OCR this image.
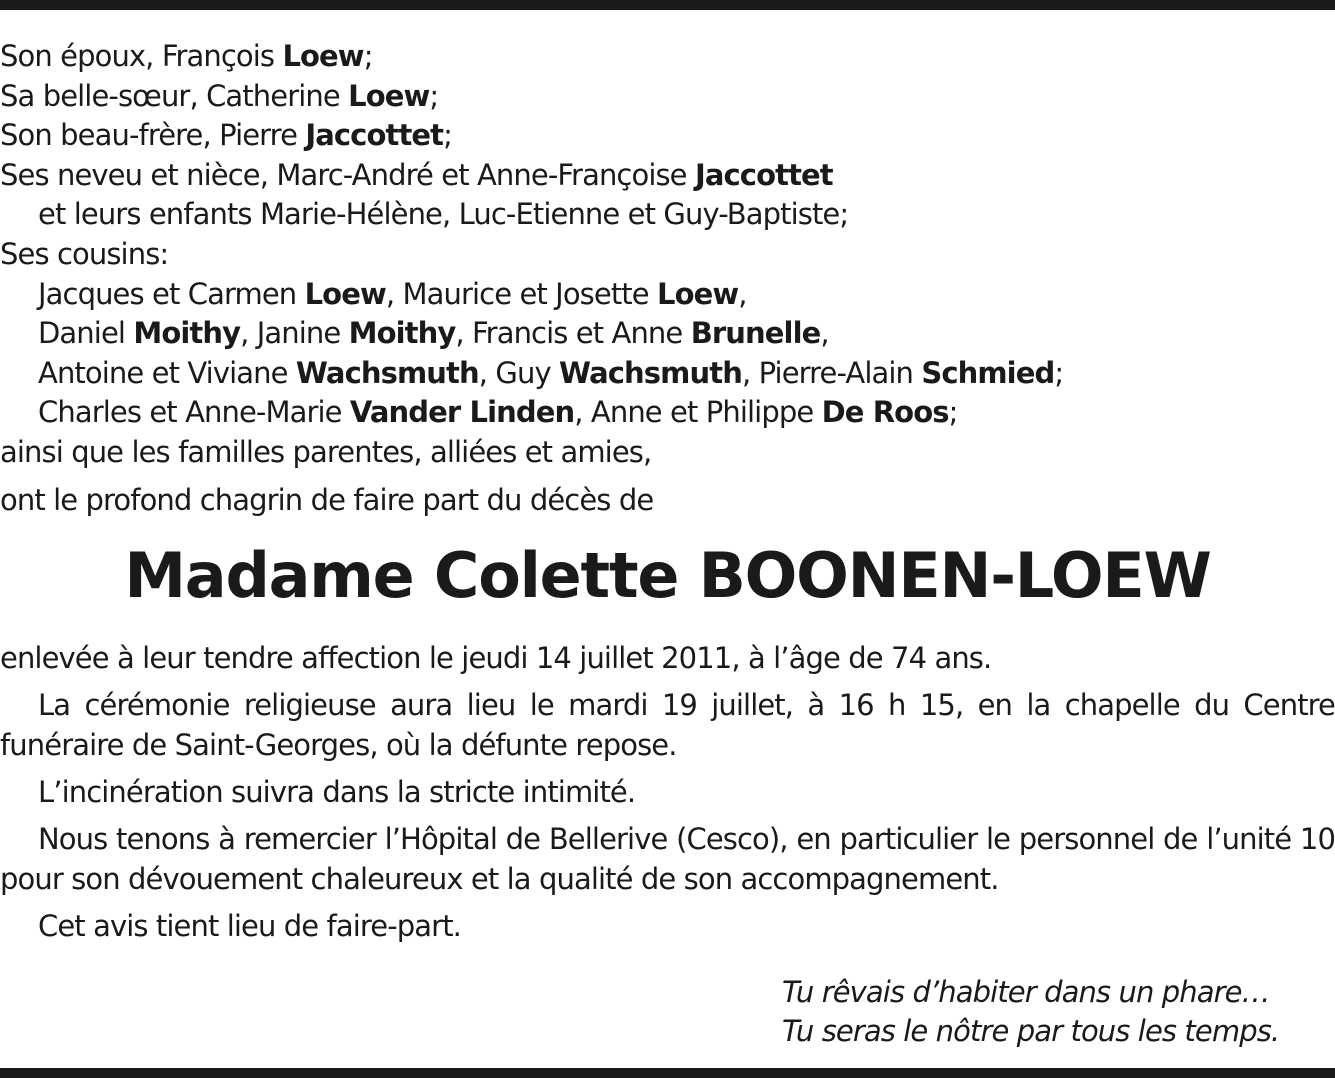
Son époux, François Loew;
Sa belle-sœur, Catherine Loew;
Son beau-frère, Pierre Jaccottet;
Ses neveu et nièce, Marc-André et Anne-Françoise Jaccottet
et leurs enfants Marie-Hélène, Luc-Etienne et Guy-Baptiste;
Ses cousins:
Jacques et Carmen Loew, Maurice et Josette Loew,
Daniel Moithy, Janine Moithy, Francis et Anne Brunelle,
Antoine et Viviane Wachsmuth, Guy Wachsmuth, Pierre-Alain Schmied;
Charles et Anne-Marie Vander Linden, Anne et Philippe De Roos;
ainsi que les familles parentes, alliées et amies,
ont le profond chagrin de faire part du décès de
Madame Colette BOONEN-LOEW

enlevée à leur tendre affection le jeudi 14 juillet 2011, à l’âge de 74 ans.

La cérémonie religieuse aura lieu le mardi 19 juillet, à 16 h 15, en la chapelle du Centre funéraire de Saint-Georges, où la défunte repose.

L’incinération suivra dans la stricte intimité.

Nous tenons à remercier l’Hôpital de Bellerive (Cesco), en particulier le personnel de l’unité 10 pour son dévouement chaleureux et la qualité de son accompagnement.

Cet avis tient lieu de faire-part.

Tu rêvais d’habiter dans un phare…
Tu seras le nôtre par tous les temps.
